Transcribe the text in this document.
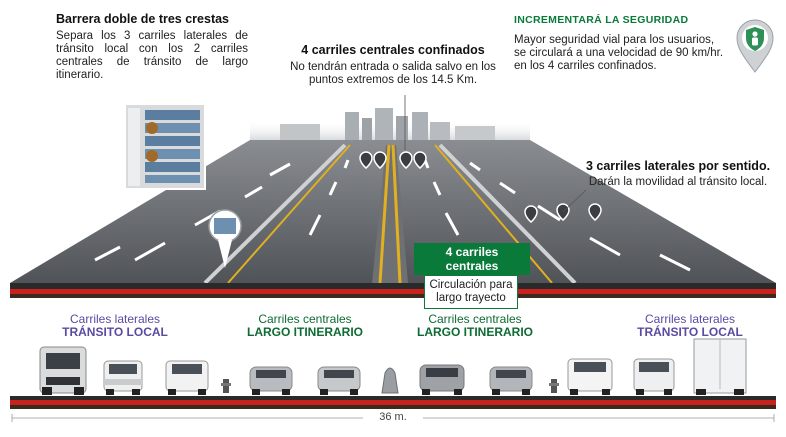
Barrera doble de tres crestas
Separa los 3 carriles laterales de tránsito local con los 2 carriles centrales de tránsito de largo itinerario.
4 carriles centrales confinados
No tendrán entrada o salida salvo en los puntos extremos de los 14.5 Km.
INCREMENTARÁ LA SEGURIDAD
Mayor seguridad vial para los usuarios, se circulará a una velocidad de 90 km/hr. en los 4 carriles confinados.
3 carriles laterales por sentido.
Darán la movilidad al tránsito local.
4 carriles centrales
Circulación para largo trayecto
Carriles laterales
TRÁNSITO LOCAL
Carriles centrales
LARGO ITINERARIO
Carriles centrales
LARGO ITINERARIO
Carriles laterales
TRÁNSITO LOCAL
36 m.
